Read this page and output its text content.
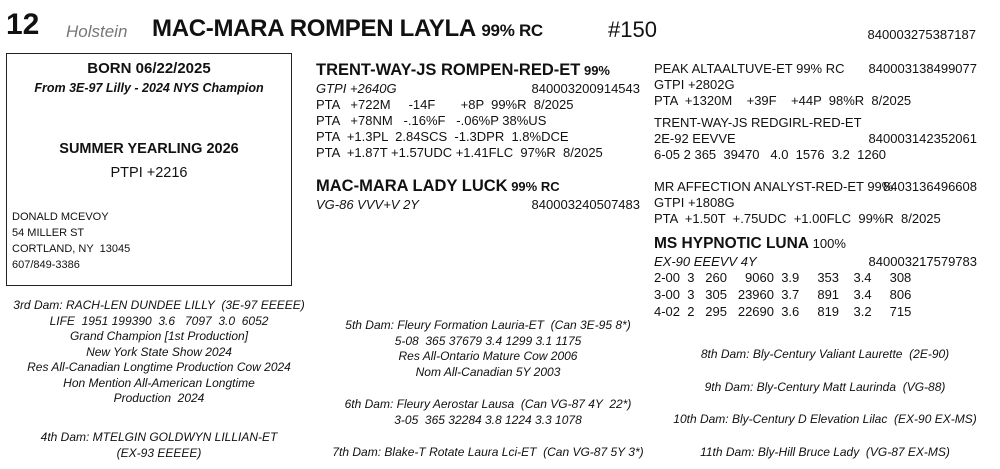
12 Holstein MAC-MARA ROMPEN LAYLA 99% RC	#150	840003275387187
BORN 06/22/2025
From 3E-97 Lilly - 2024 NYS Champion
SUMMER YEARLING 2026
PTPI +2216
DONALD MCEVOY
54 MILLER ST
CORTLAND, NY  13045
607/849-3386
TRENT-WAY-JS ROMPEN-RED-ET 99%
GTPI +2640G	840003200914543
PTA   +722M     -14F       +8P  99%R  8/2025
PTA   +78NM   -.16%F   -.06%P 38%US
PTA  +1.3PL  2.84SCS  -1.3DPR  1.8%DCE
PTA  +1.87T +1.57UDC +1.41FLC  97%R  8/2025
MAC-MARA LADY LUCK 99% RC
VG-86 VVV+V 2Y	840003240507483
PEAK ALTAALTUVE-ET 99% RC 840003138499077
GTPI +2802G
PTA  +1320M    +39F    +44P  98%R  8/2025
TRENT-WAY-JS REDGIRL-RED-ET
2E-92 EEVVE	840003142352061
6-05 2 365  39470   4.0  1576  3.2  1260
MR AFFECTION ANALYST-RED-ET 99%
8403136496608
GTPI +1808G
PTA  +1.50T  +.75UDC  +1.00FLC  99%R  8/2025
MS HYPNOTIC LUNA 100%
EX-90 EEEVV 4Y	840003217579783
2-00  3   260     9060  3.9     353    3.4     308
3-00  3   305   23960  3.7     891    3.4     806
4-02  2   295   22690  3.6     819    3.2     715
3rd Dam: RACH-LEN DUNDEE LILLY  (3E-97 EEEEE)
LIFE  1951 199390  3.6   7097  3.0  6052
Grand Champion [1st Production]
New York State Show 2024
Res All-Canadian Longtime Production Cow 2024
Hon Mention All-American Longtime
Production  2024
4th Dam: MTELGIN GOLDWYN LILLIAN-ET
(EX-93 EEEEE)
5th Dam: Fleury Formation Lauria-ET  (Can 3E-95 8*)
5-08  365 37679 3.4 1299 3.1 1175
Res All-Ontario Mature Cow 2006
Nom All-Canadian 5Y 2003
6th Dam: Fleury Aerostar Lausa  (Can VG-87 4Y  22*)
3-05  365 32284 3.8 1224 3.3 1078
7th Dam: Blake-T Rotate Laura Lci-ET  (Can VG-87 5Y 3*)
8th Dam: Bly-Century Valiant Laurette  (2E-90)
9th Dam: Bly-Century Matt Laurinda  (VG-88)
10th Dam: Bly-Century D Elevation Lilac  (EX-90 EX-MS)
11th Dam: Bly-Hill Bruce Lady  (VG-87 EX-MS)
